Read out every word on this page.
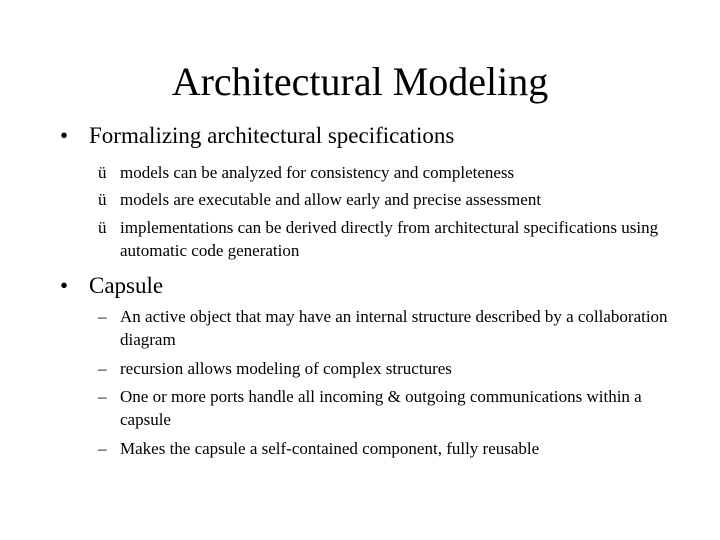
Architectural Modeling
• Formalizing architectural specifications
ü models can be analyzed for consistency and completeness
ü models are executable and allow early and precise assessment
ü implementations can be derived directly from architectural specifications using automatic code generation
• Capsule
– An active object that may have an internal structure described by a collaboration diagram
– recursion allows modeling of complex structures
– One or more ports handle all incoming & outgoing communications within a capsule
– Makes the capsule a self-contained component, fully reusable
